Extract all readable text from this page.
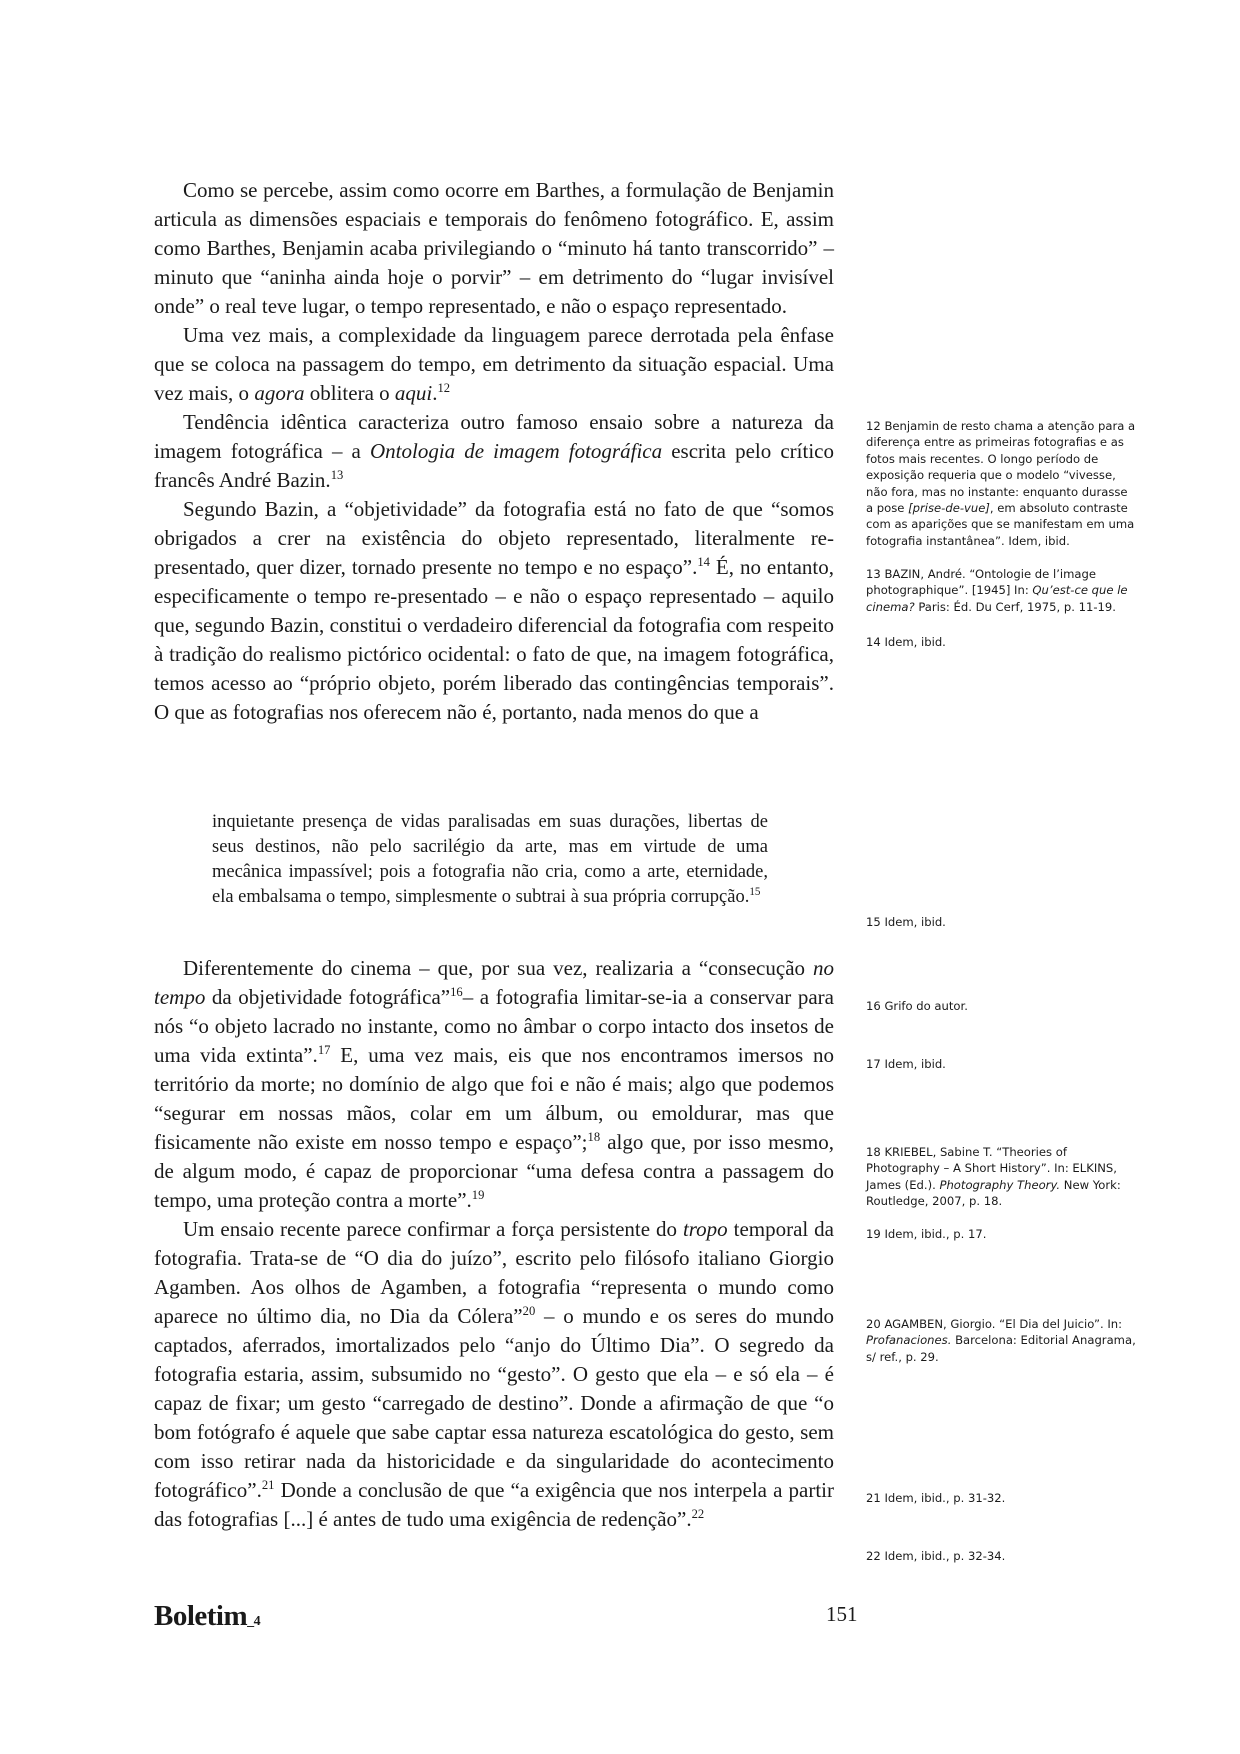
Como se percebe, assim como ocorre em Barthes, a formulação de Benjamin articula as dimensões espaciais e temporais do fenômeno fotográfico. E, assim como Barthes, Benjamin acaba privilegiando o “minuto há tanto transcorrido” – minuto que “aninha ainda hoje o porvir” – em detrimento do “lugar invisível onde” o real teve lugar, o tempo representado, e não o espaço representado.

Uma vez mais, a complexidade da linguagem parece derrotada pela ênfase que se coloca na passagem do tempo, em detrimento da situação espacial. Uma vez mais, o agora oblitera o aqui.$^{12}$

Tendência idêntica caracteriza outro famoso ensaio sobre a natureza da imagem fotográfica – a Ontologia de imagem fotográfica escrita pelo crítico francês André Bazin.$^{13}$

Segundo Bazin, a “objetividade” da fotografia está no fato de que “somos obrigados a crer na existência do objeto representado, literalmente re-presentado, quer dizer, tornado presente no tempo e no espaço”.$^{14}$ É, no entanto, especificamente o tempo re-presentado – e não o espaço representado – aquilo que, segundo Bazin, constitui o verdadeiro diferencial da fotografia com respeito à tradição do realismo pictórico ocidental: o fato de que, na imagem fotográfica, temos acesso ao “próprio objeto, porém liberado das contingências temporais”. O que as fotografias nos oferecem não é, portanto, nada menos do que a

inquietante presença de vidas paralisadas em suas durações, libertas de seus destinos, não pelo sacrilégio da arte, mas em virtude de uma mecânica impassível; pois a fotografia não cria, como a arte, eternidade, ela embalsama o tempo, simplesmente o subtrai à sua própria corrupção.$^{15}$

Diferentemente do cinema – que, por sua vez, realizaria a “consecução no tempo da objetividade fotográfica”$^{16}$– a fotografia limitar-se-ia a conservar para nós “o objeto lacrado no instante, como no âmbar o corpo intacto dos insetos de uma vida extinta”.$^{17}$ E, uma vez mais, eis que nos encontramos imersos no território da morte; no domínio de algo que foi e não é mais; algo que podemos “segurar em nossas mãos, colar em um álbum, ou emoldurar, mas que fisicamente não existe em nosso tempo e espaço”;$^{18}$ algo que, por isso mesmo, de algum modo, é capaz de proporcionar “uma defesa contra a passagem do tempo, uma proteção contra a morte”.$^{19}$

Um ensaio recente parece confirmar a força persistente do tropo temporal da fotografia. Trata-se de “O dia do juízo”, escrito pelo filósofo italiano Giorgio Agamben. Aos olhos de Agamben, a fotografia “representa o mundo como aparece no último dia, no Dia da Cólera”$^{20}$ – o mundo e os seres do mundo captados, aferrados, imortalizados pelo “anjo do Último Dia”. O segredo da fotografia estaria, assim, subsumido no “gesto”. O gesto que ela – e só ela – é capaz de fixar; um gesto “carregado de destino”. Donde a afirmação de que “o bom fotógrafo é aquele que sabe captar essa natureza escatológica do gesto, sem com isso retirar nada da historicidade e da singularidade do acontecimento fotográfico”.$^{21}$ Donde a conclusão de que “a exigência que nos interpela a partir das fotografias [...] é antes de tudo uma exigência de redenção”.$^{22}$

12 Benjamin de resto chama a atenção para a diferença entre as primeiras fotografias e as fotos mais recentes. O longo período de exposição requeria que o modelo “vivesse, não fora, mas no instante: enquanto durasse a pose [prise-de-vue], em absoluto contraste com as aparições que se manifestam em uma fotografia instantânea”. Idem, ibid.

13 BAZIN, André. “Ontologie de l’image photographique”. [1945] In: Qu’est-ce que le cinema? Paris: Éd. Du Cerf, 1975, p. 11-19.

14 Idem, ibid.

15 Idem, ibid.

16 Grifo do autor.

17 Idem, ibid.

18 KRIEBEL, Sabine T. “Theories of Photography – A Short History”. In: ELKINS, James (Ed.). Photography Theory. New York: Routledge, 2007, p. 18.

19 Idem, ibid., p. 17.

20 AGAMBEN, Giorgio. “El Dia del Juicio”. In: Profanaciones. Barcelona: Editorial Anagrama, s/ ref., p. 29.

21 Idem, ibid., p. 31-32.

22 Idem, ibid., p. 32-34.

Boletim_4	151
